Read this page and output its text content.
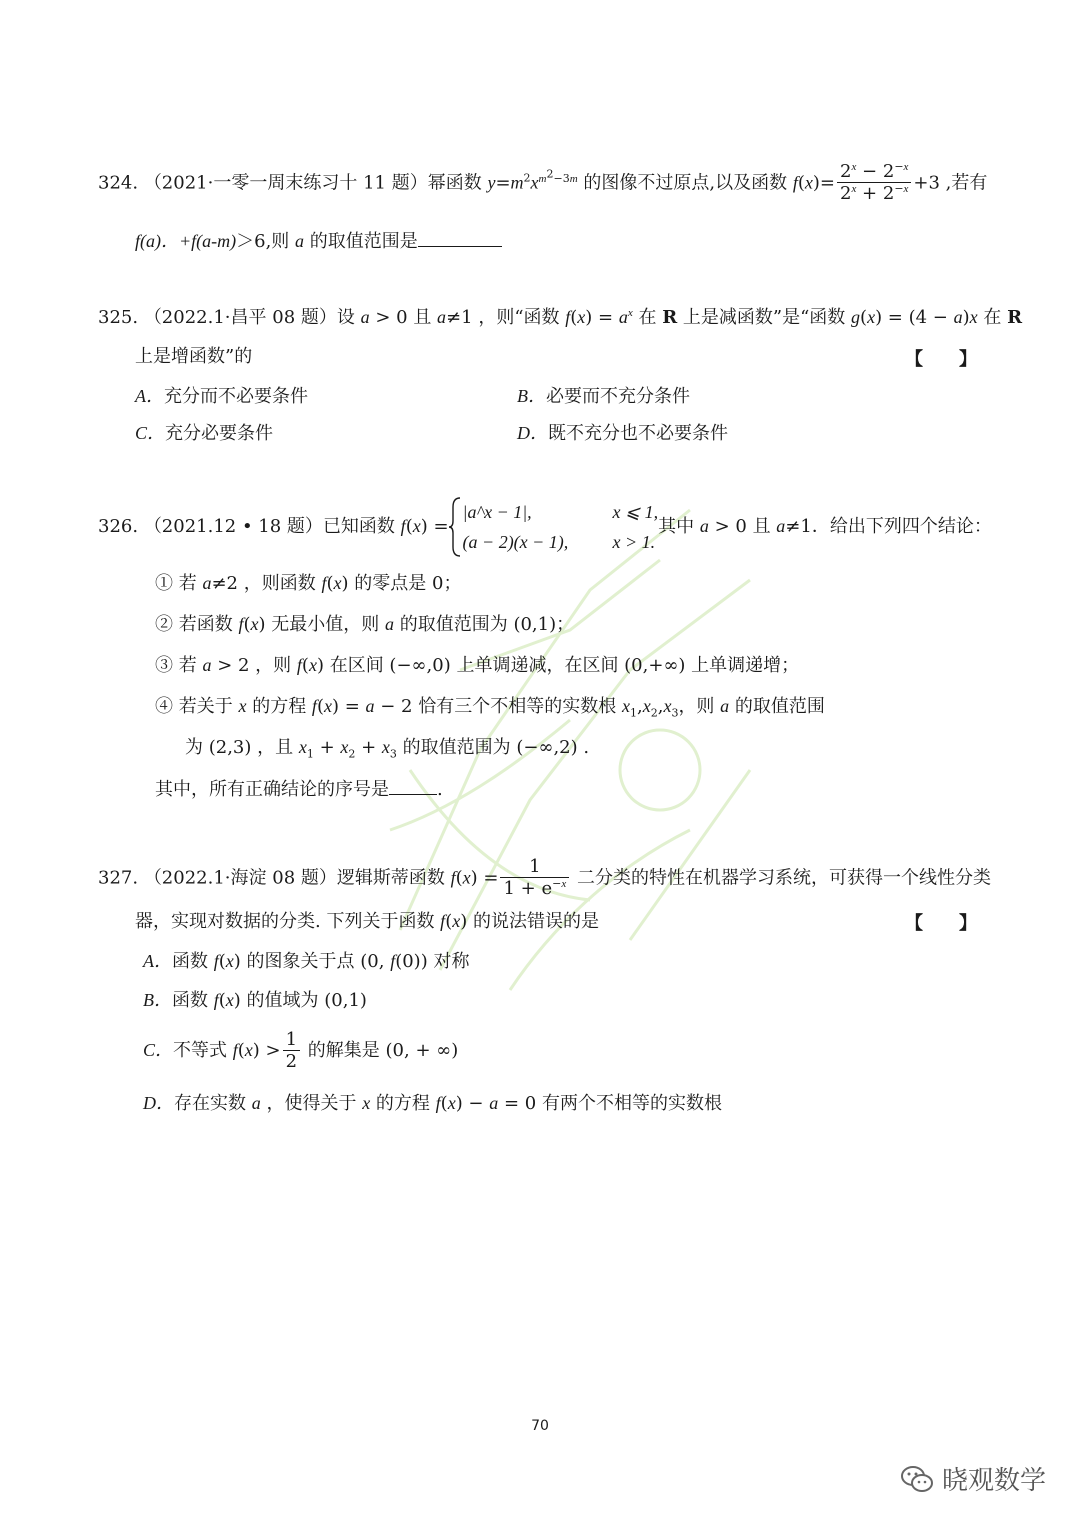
324. （2021·一零一周末练习十 11 题）幂函数 $y=m^2x^{m^2-3m}$ 的图像不过原点,以及函数 $f(x)= \frac{2^x - 2^{-x}}{2^x + 2^{-x}} +3$ ,若有
f(a)．+f(a-m)＞6,则 a 的取值范围是
325. （2022.1·昌平 08 题）设 a > 0 且 a≠1 ，则“函数 $f(x) = a^x$ 在 R 上是减函数”是“函数 g(x) = (4 − a)x 在 R
上是增函数”的	【　　】
A．充分而不必要条件	B．必要而不充分条件
C．充分必要条件	D．既不充分也不必要条件
326. （2021.12 • 18 题）已知函数 f(x) =
|a^x − 1|,	x ⩽ 1,
(a − 2)(x − 1),	x > 1.
其中 a > 0 且 a≠1．给出下列四个结论：
① 若 a≠2 ，则函数 f(x) 的零点是 0；
② 若函数 f(x) 无最小值，则 a 的取值范围为 (0,1)；
③ 若 a > 2 ，则 f(x) 在区间 (−∞,0) 上单调递减，在区间 (0,+∞) 上单调递增；
④ 若关于 x 的方程 f(x) = a − 2 恰有三个不相等的实数根 $x_1,x_2,x_3$，则 a 的取值范围
为 (2,3) ，且 $x_1 + x_2 + x_3$ 的取值范围为 (−∞,2) .
其中，所有正确结论的序号是	.
327. （2022.1·海淀 08 题）逻辑斯蒂函数 $f(x) = \frac{1}{1 + e^{-x}}$ 二分类的特性在机器学习系统，可获得一个线性分类
器，实现对数据的分类. 下列关于函数 f(x) 的说法错误的是	【　　】
A．函数 f(x) 的图象关于点 (0, f(0)) 对称
B．函数 f(x) 的值域为 (0,1)
C．不等式 $f(x) > \frac{1}{2}$ 的解集是 (0, + ∞)
D．存在实数 a ，使得关于 x 的方程 f(x) − a = 0 有两个不相等的实数根
70
晓观数学
